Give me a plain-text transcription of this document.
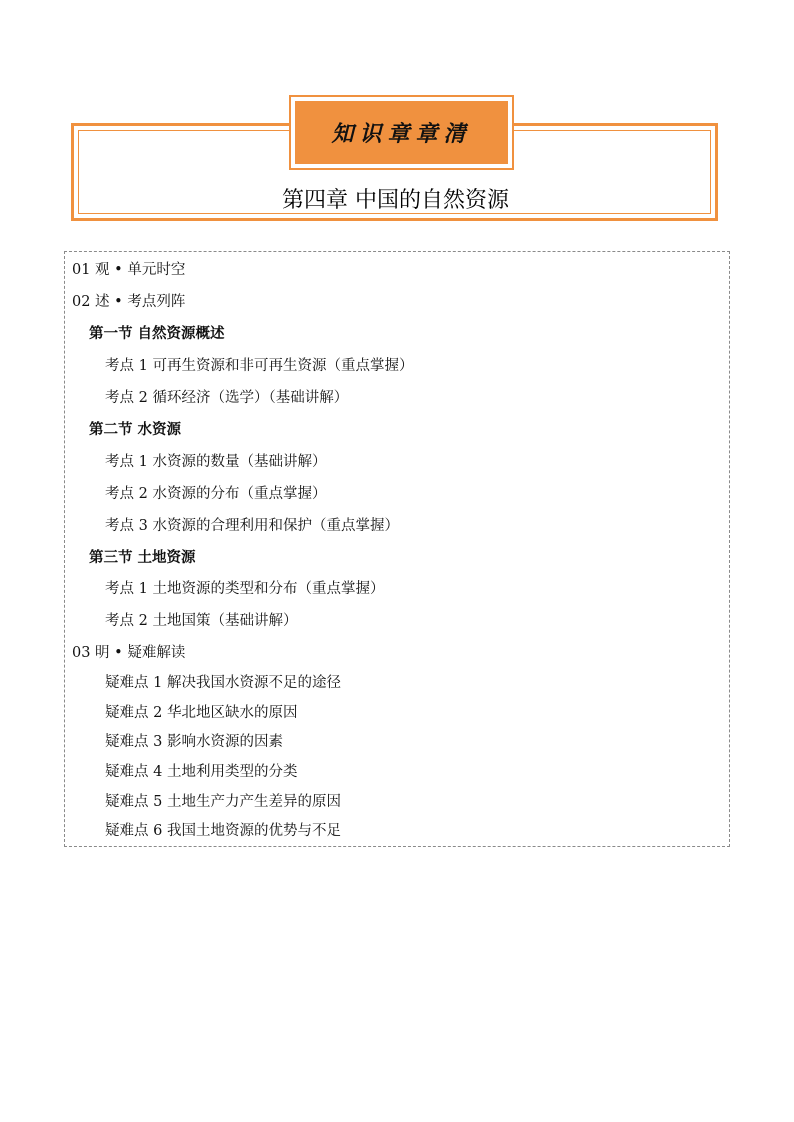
知识章章清
第四章 中国的自然资源
01 观 • 单元时空
02 述 • 考点列阵
第一节 自然资源概述
考点 1 可再生资源和非可再生资源（重点掌握）
考点 2 循环经济（选学）（基础讲解）
第二节 水资源
考点 1 水资源的数量（基础讲解）
考点 2 水资源的分布（重点掌握）
考点 3 水资源的合理利用和保护（重点掌握）
第三节 土地资源
考点 1 土地资源的类型和分布（重点掌握）
考点 2 土地国策（基础讲解）
03 明 • 疑难解读
疑难点 1 解决我国水资源不足的途径
疑难点 2 华北地区缺水的原因
疑难点 3 影响水资源的因素
疑难点 4 土地利用类型的分类
疑难点 5 土地生产力产生差异的原因
疑难点 6 我国土地资源的优势与不足
